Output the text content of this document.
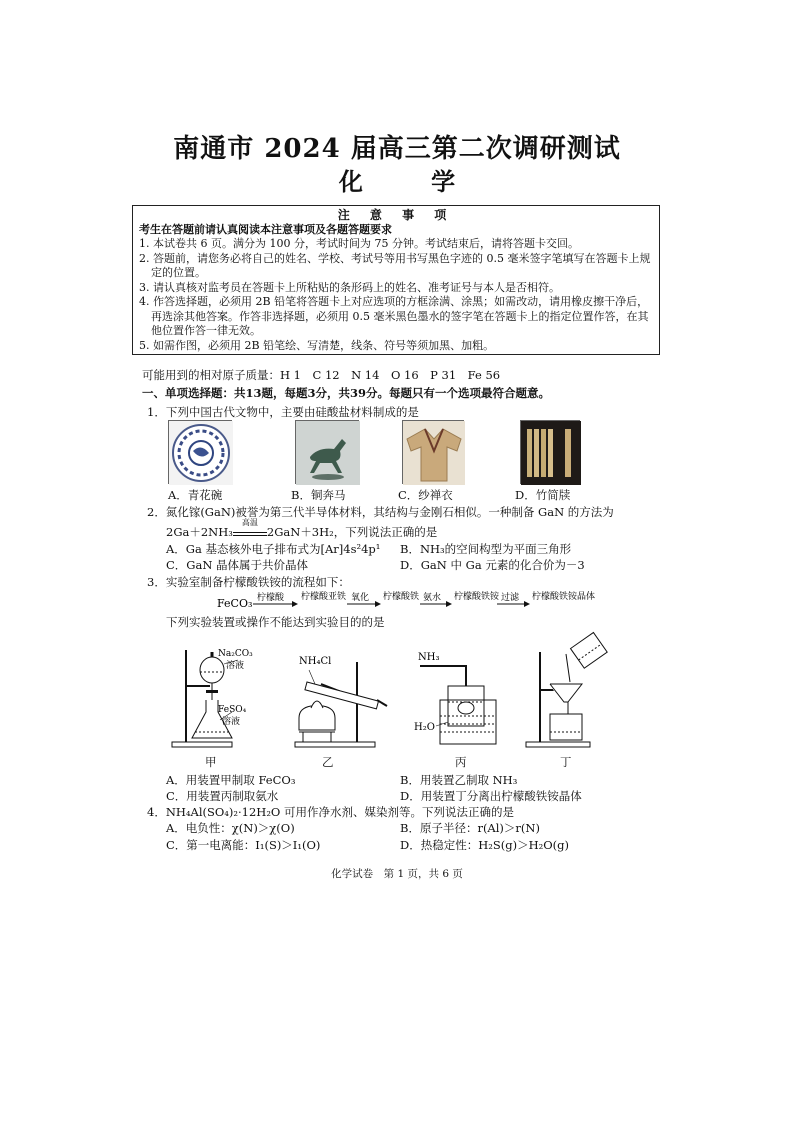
南通市 2024 届高三第二次调研测试
化 学
注 意 事 项
考生在答题前请认真阅读本注意事项及各题答题要求
1. 本试卷共 6 页。满分为 100 分，考试时间为 75 分钟。考试结束后，请将答题卡交回。
2. 答题前，请您务必将自己的姓名、学校、考试号等用书写黑色字迹的 0.5 毫米签字笔填写在答题卡上规定的位置。
3. 请认真核对监考员在答题卡上所粘贴的条形码上的姓名、准考证号与本人是否相符。
4. 作答选择题，必须用 2B 铅笔将答题卡上对应选项的方框涂满、涂黑；如需改动，请用橡皮擦干净后，再选涂其他答案。作答非选择题，必须用 0.5 毫米黑色墨水的签字笔在答题卡上的指定位置作答，在其他位置作答一律无效。
5. 如需作图，必须用 2B 铅笔绘、写清楚，线条、符号等须加黑、加粗。
可能用到的相对原子质量：H 1　C 12　N 14　O 16　P 31　Fe 56
一、单项选择题：共13题，每题3分，共39分。每题只有一个选项最符合题意。
1．下列中国古代文物中，主要由硅酸盐材料制成的是
A．青花碗	B．铜奔马	C．纱禅衣	D．竹简牍
2．氮化镓(GaN)被誉为第三代半导体材料，其结构与金刚石相似。一种制备 GaN 的方法为
2Ga＋2NH₃
高温
2GaN＋3H₂，下列说法正确的是
A．Ga 基态核外电子排布式为[Ar]4s²4p¹ B．NH₃的空间构型为平面三角形
C．GaN 晶体属于共价晶体	D．GaN 中 Ga 元素的化合价为－3
3．实验室制备柠檬酸铁铵的流程如下：
FeCO₃ 柠檬酸 柠檬酸亚铁 氧化 柠檬酸铁 氨水 柠檬酸铁铵 过滤 柠檬酸铁铵晶体
下列实验装置或操作不能达到实验目的的是
Na₂CO₃
溶液
FeSO₄
溶液
NH₄Cl	NH₃
H₂O
甲	乙	丙	丁
A．用装置甲制取 FeCO₃	B．用装置乙制取 NH₃
C．用装置丙制取氨水	D．用装置丁分离出柠檬酸铁铵晶体
4．NH₄Al(SO₄)₂·12H₂O 可用作净水剂、媒染剂等。下列说法正确的是
A．电负性：χ(N)＞χ(O)	B．原子半径：r(Al)＞r(N)
C．第一电离能：I₁(S)＞I₁(O)	D．热稳定性：H₂S(g)＞H₂O(g)
化学试卷　第 1 页，共 6 页
